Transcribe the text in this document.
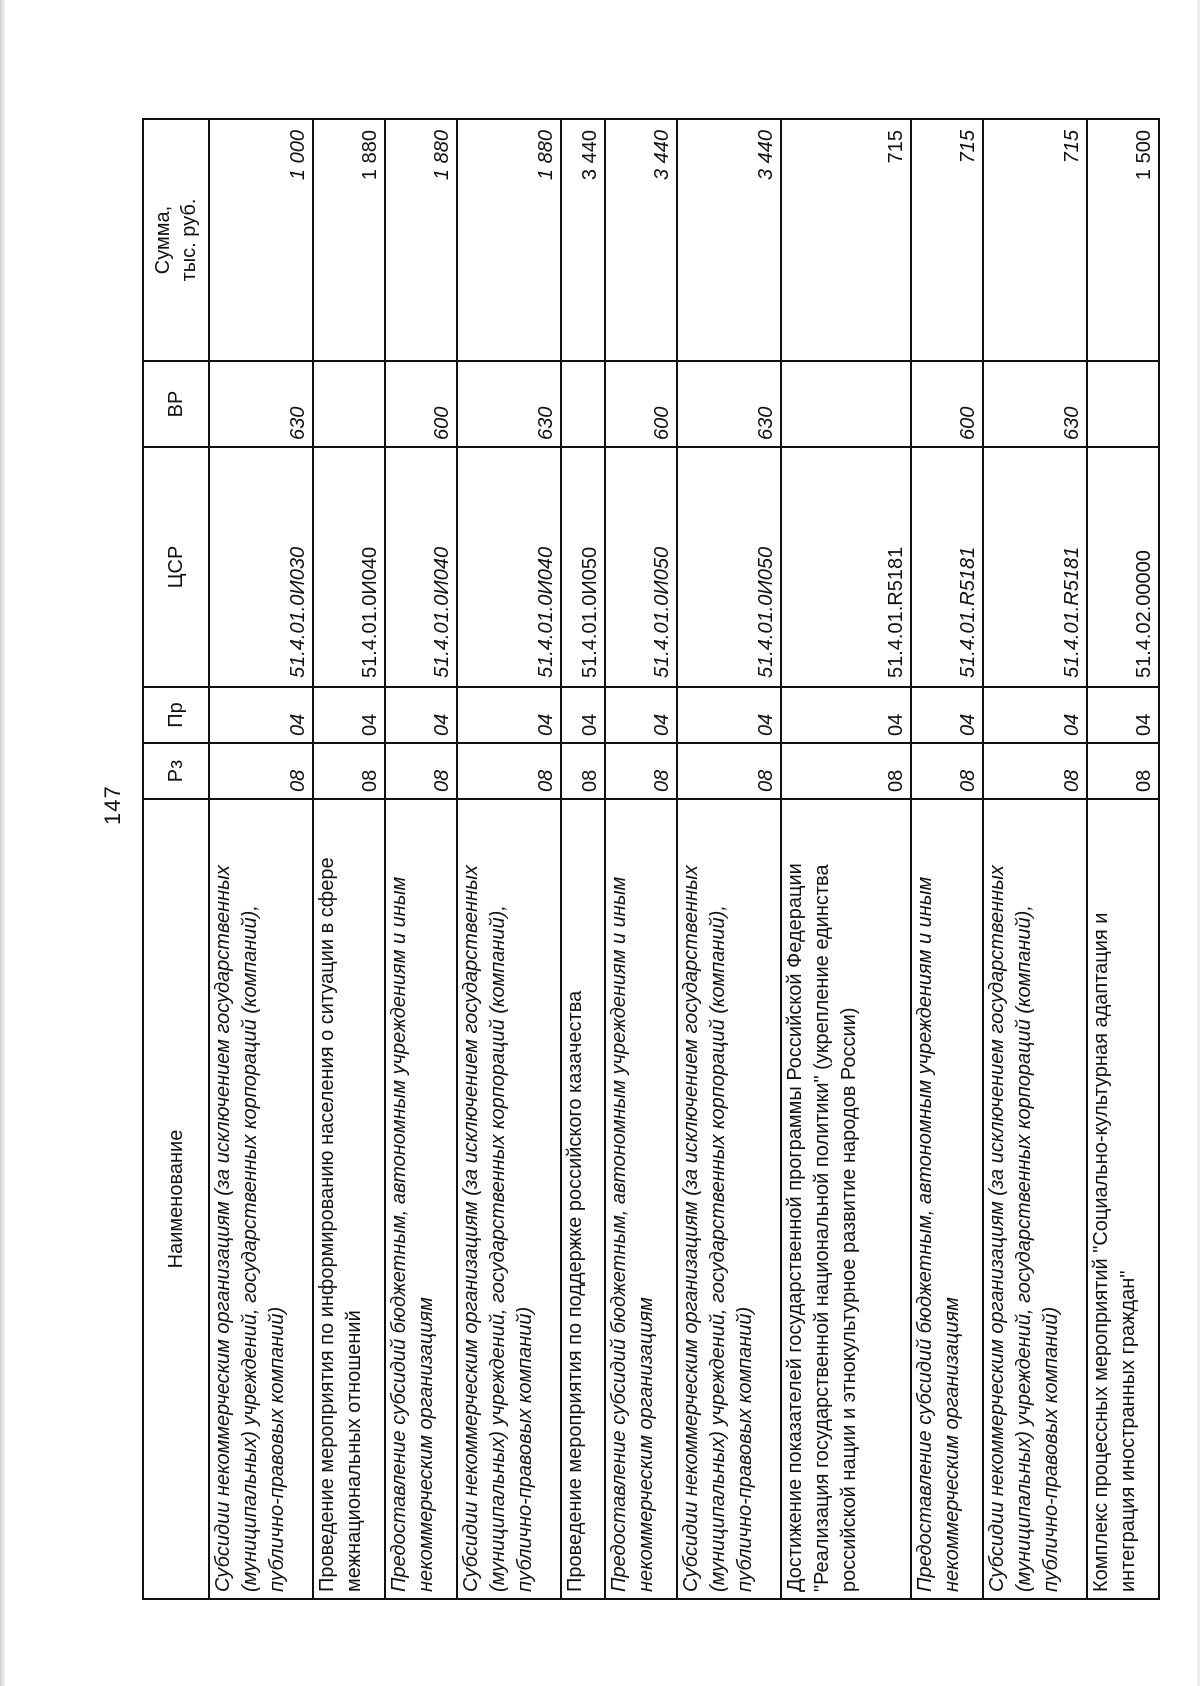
147
Наименование	Рз	Пр	ЦСР	ВР	Сумма, тыс. руб.
Субсидии некоммерческим организациям (за исключением государственных (муниципальных) учреждений, государственных корпораций (компаний), публично-правовых компаний)	08	04	51.4.01.0И030	630	1 000
Проведение мероприятия по информированию населения о ситуации в сфере межнациональных отношений	08	04	51.4.01.0И040		1 880
Предоставление субсидий бюджетным, автономным учреждениям и иным некоммерческим организациям	08	04	51.4.01.0И040	600	1 880
Субсидии некоммерческим организациям (за исключением государственных (муниципальных) учреждений, государственных корпораций (компаний), публично-правовых компаний)	08	04	51.4.01.0И040	630	1 880
Проведение мероприятия по поддержке российского казачества	08	04	51.4.01.0И050		3 440
Предоставление субсидий бюджетным, автономным учреждениям и иным некоммерческим организациям	08	04	51.4.01.0И050	600	3 440
Субсидии некоммерческим организациям (за исключением государственных (муниципальных) учреждений, государственных корпораций (компаний), публично-правовых компаний)	08	04	51.4.01.0И050	630	3 440
Достижение показателей государственной программы Российской Федерации "Реализация государственной национальной политики" (укрепление единства российской нации и этнокультурное развитие народов России)	08	04	51.4.01.R5181		715
Предоставление субсидий бюджетным, автономным учреждениям и иным некоммерческим организациям	08	04	51.4.01.R5181	600	715
Субсидии некоммерческим организациям (за исключением государственных (муниципальных) учреждений, государственных корпораций (компаний), публично-правовых компаний)	08	04	51.4.01.R5181	630	715
Комплекс процессных мероприятий "Социально-культурная адаптация и интеграция иностранных граждан"	08	04	51.4.02.00000		1 500
